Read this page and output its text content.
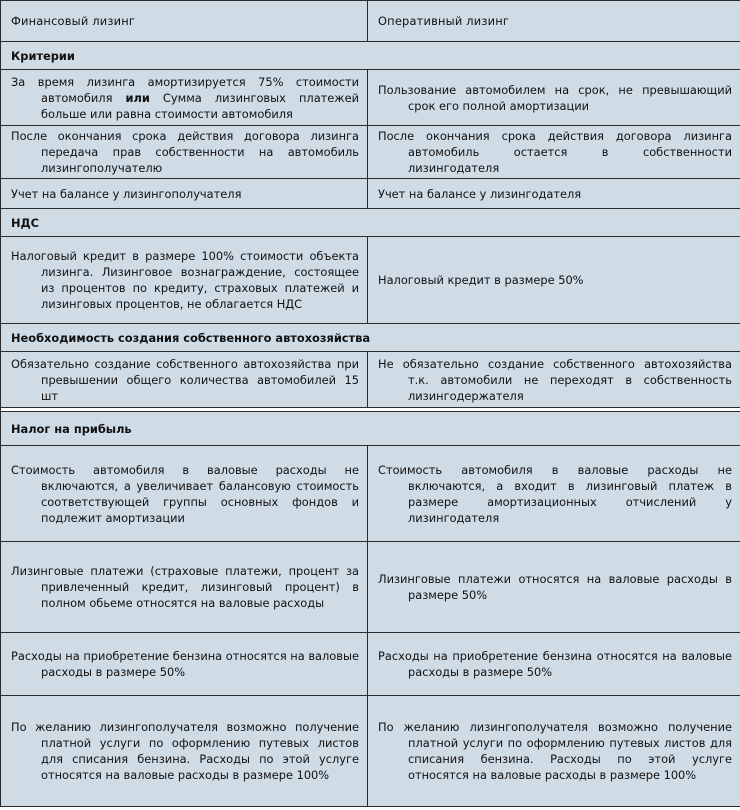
Финансовый лизинг	Оперативный лизинг
Критерии	

За время лизинга амортизируется 75% стоимости автомобиля или Сумма лизинговых платежей больше или равна стоимости автомобиля	Пользование автомобилем на срок, не превышающий срок его полной амортизации

После окончания срока действия договора лизинга передача прав собственности на автомобиль лизингополучателю	После окончания срока действия договора лизинга автомобиль остается в собственности лизингодателя

Учет на балансе у лизингополучателя	Учет на балансе у лизингодателя

НДС	

Налоговый кредит в размере 100% стоимости объекта лизинга. Лизинговое вознаграждение, состоящее из процентов по кредиту, страховых платежей и лизинговых процентов, не облагается НДС	Налоговый кредит в размере 50%

Необходимость создания собственного автохозяйства	

Обязательно создание собственного автохозяйства при превышении общего количества автомобилей 15 шт	Не обязательно создание собственного автохозяйства т.к. автомобили не переходят в собственность лизингодержателя

Налог на прибыль	

Стоимость автомобиля в валовые расходы не включаются, а увеличивает балансовую стоимость соответствующей группы основных фондов и подлежит амортизации	Стоимость автомобиля в валовые расходы не включаются, а входит в лизинговый платеж в размере амортизационных отчислений у лизингодателя

Лизинговые платежи (страховые платежи, процент за привлеченный кредит, лизинговый процент) в полном обьеме относятся на валовые расходы	Лизинговые платежи относятся на валовые расходы в размере 50%

Расходы на приобретение бензина относятся на валовые расходы в размере 50%	Расходы на приобретение бензина относятся на валовые расходы в размере 50%

По желанию лизингополучателя возможно получение платной услуги по оформлению путевых листов для списания бензина. Расходы по этой услуге относятся на валовые расходы в размере 100%	По желанию лизингополучателя возможно получение платной услуги по оформлению путевых листов для списания бензина. Расходы по этой услуге относятся на валовые расходы в размере 100%
